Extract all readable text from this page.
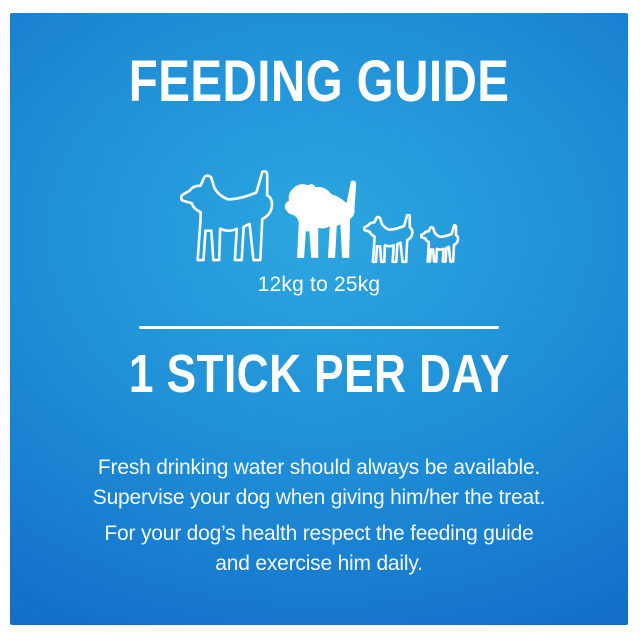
FEEDING GUIDE
12kg to 25kg
1 STICK PER DAY
Fresh drinking water should always be available.
Supervise your dog when giving him/her the treat.
For your dog’s health respect the feeding guide
and exercise him daily.
